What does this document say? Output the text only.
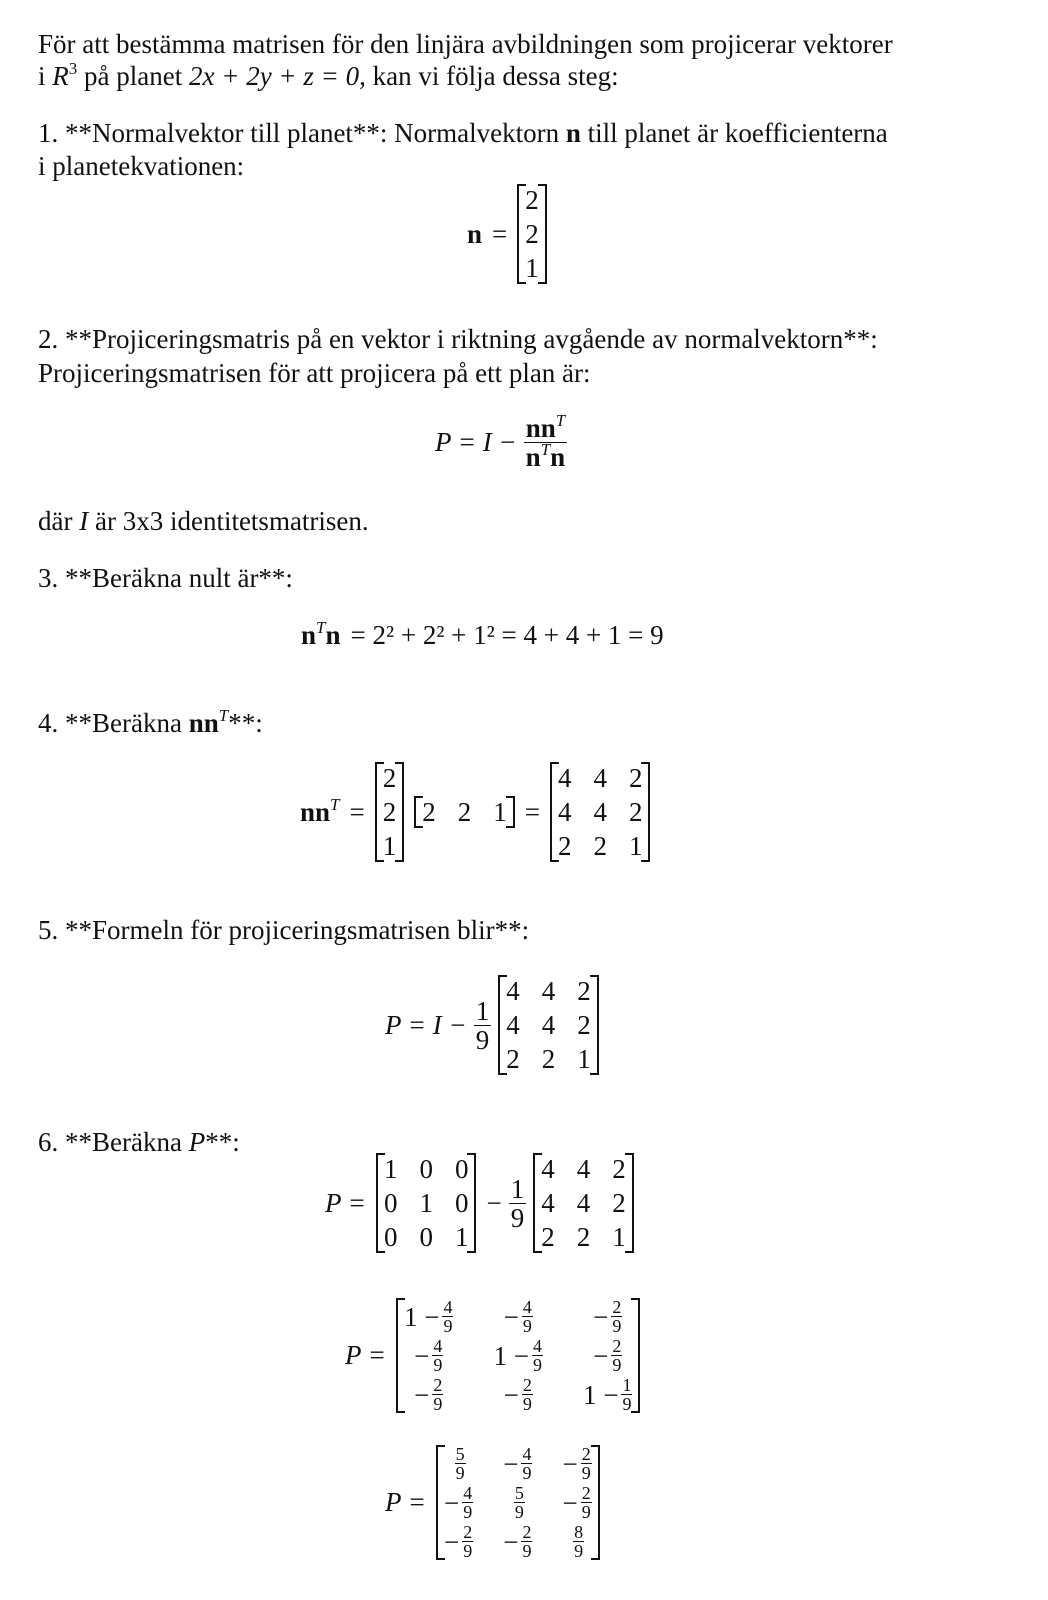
För att bestämma matrisen för den linjära avbildningen som projicerar vektorer
i $R^3$ på planet 2x + 2y + z = 0, kan vi följa dessa steg:
1. **Normalvektor till planet**: Normalvektorn n till planet är koefficienterna
i planetekvationen:
n =
2
2
1
2. **Projiceringsmatris på en vektor i riktning avgående av normalvektorn**:
Projiceringsmatrisen för att projicera på ett plan är:
$P = I - \frac{nn^T}{n^Tn}$
där I är 3x3 identitetsmatrisen.
3. **Beräkna nult är**:
$n^Tn = 2^2 + 2^2 + 1^2 = 4 + 4 + 1 = 9$
4. **Beräkna $nn^T**$:
$nn^T$ =
2
2
1
2 2 1 =
4 4 2
4 4 2
2 2 1
5. **Formeln för projiceringsmatrisen blir**:
$P = I - \frac{1}{9}$
4 4 2
4 4 2
2 2 1
6. **Beräkna P**:
P =
1 0 0
0 1 0
0 0 1
− $\frac{1}{9}$
4 4 2
4 4 2
2 2 1
P =
$1 - \frac{4}{9} - \frac{4}{9} - \frac{2}{9}$
− $\frac{4}{9} 1 - \frac{4}{9} - \frac{2}{9}$
− $\frac{2}{9} - \frac{2}{9} 1 - \frac{1}{9}$
P =
$\frac{5}{9} - \frac{4}{9} - \frac{2}{9}$
− $\frac{4}{9} \frac{5}{9} - \frac{2}{9}$
− $\frac{2}{9} - \frac{2}{9} \frac{8}{9}$
